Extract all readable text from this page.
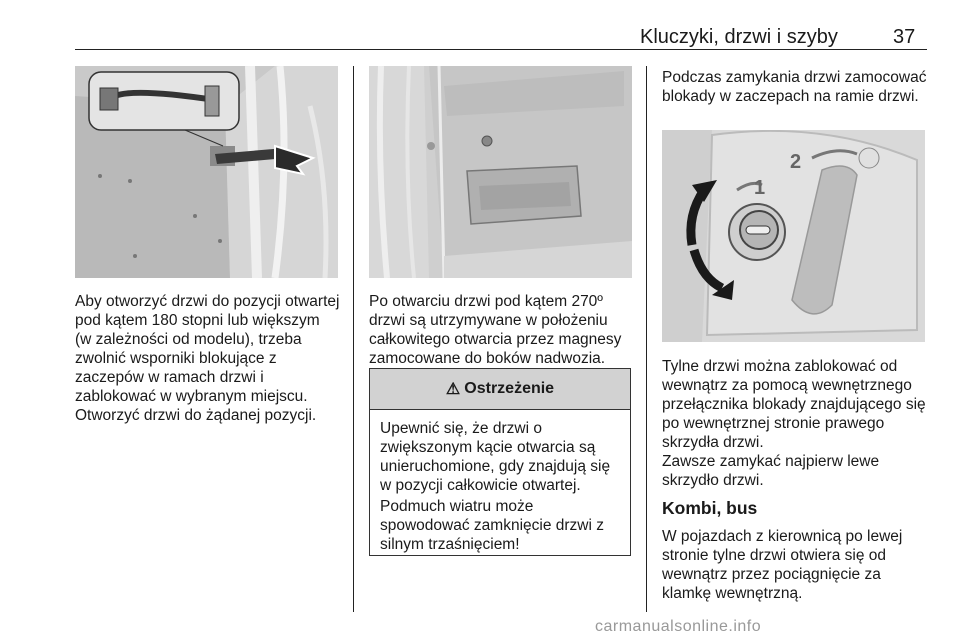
Kluczyki, drzwi i szyby	37

Aby otworzyć drzwi do pozycji otwartej pod kątem 180 stopni lub większym (w zależności od modelu), trzeba zwolnić wsporniki blokujące z zaczepów w ramach drzwi i zablokować w wybranym miejscu. Otworzyć drzwi do żądanej pozycji.

Po otwarciu drzwi pod kątem 270º drzwi są utrzymywane w położeniu całkowitego otwarcia przez magnesy zamocowane do boków nadwozia.

⚠ Ostrzeżenie

Upewnić się, że drzwi o zwiększonym kącie otwarcia są unieruchomione, gdy znajdują się w pozycji całkowicie otwartej.

Podmuch wiatru może spowodować zamknięcie drzwi z silnym trzaśnięciem!

Podczas zamykania drzwi zamocować blokady w zaczepach na ramie drzwi.

1
2

Tylne drzwi można zablokować od wewnątrz za pomocą wewnętrznego przełącznika blokady znajdującego się po wewnętrznej stronie prawego skrzydła drzwi.

Zawsze zamykać najpierw lewe skrzydło drzwi.

Kombi, bus

W pojazdach z kierownicą po lewej stronie tylne drzwi otwiera się od wewnątrz przez pociągnięcie za klamkę wewnętrzną.

carmanualsonline.info
